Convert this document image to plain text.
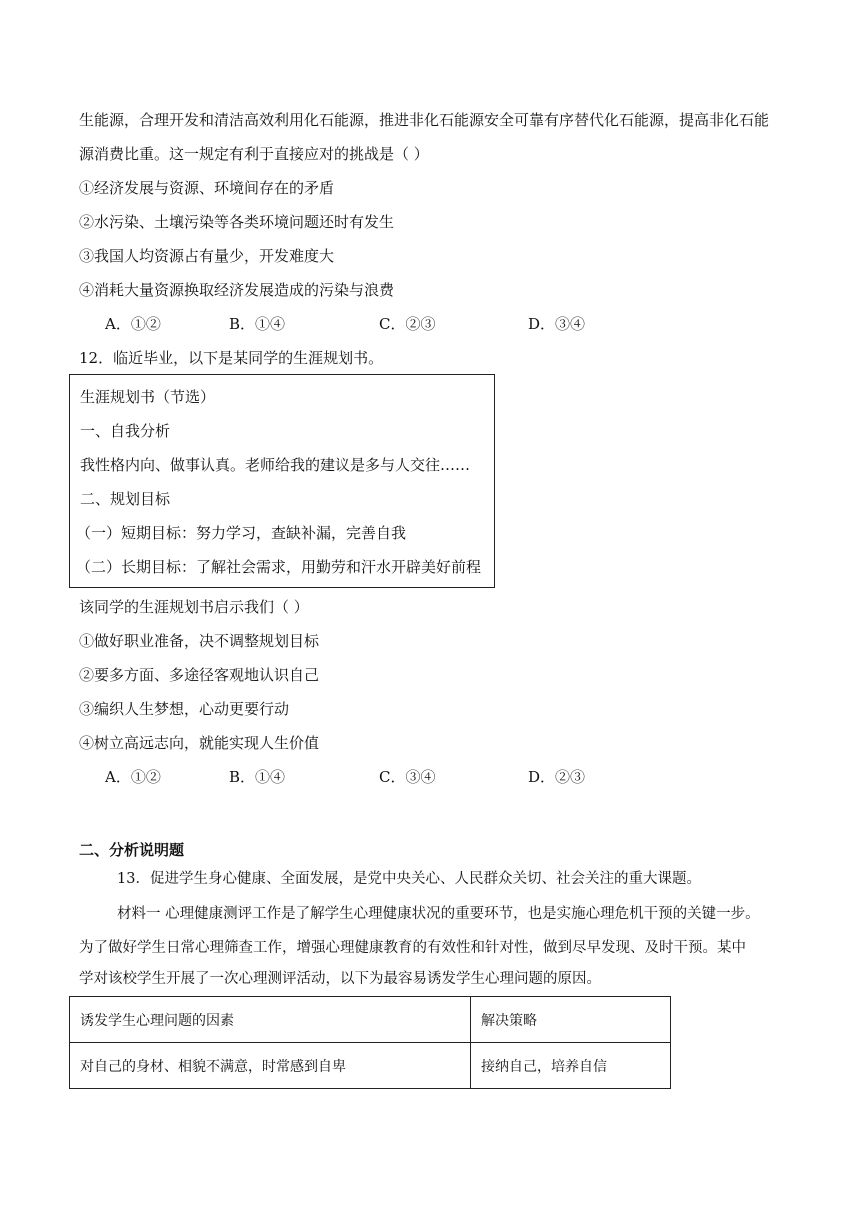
生能源，合理开发和清洁高效利用化石能源，推进非化石能源安全可靠有序替代化石能源，提高非化石能
源消费比重。这一规定有利于直接应对的挑战是（ ）
①经济发展与资源、环境间存在的矛盾
②水污染、土壤污染等各类环境问题还时有发生
③我国人均资源占有量少，开发难度大
④消耗大量资源换取经济发展造成的污染与浪费
A．①②	B．①④	C．②③	D．③④
12．临近毕业，以下是某同学的生涯规划书。
生涯规划书（节选）
一、自我分析
我性格内向、做事认真。老师给我的建议是多与人交往……
二、规划目标
（一）短期目标：努力学习，查缺补漏，完善自我
（二）长期目标：了解社会需求，用勤劳和汗水开辟美好前程
该同学的生涯规划书启示我们（ ）
①做好职业准备，决不调整规划目标
②要多方面、多途径客观地认识自己
③编织人生梦想，心动更要行动
④树立高远志向，就能实现人生价值
A．①②	B．①④	C．③④	D．②③
二、分析说明题
13．促进学生身心健康、全面发展，是党中央关心、人民群众关切、社会关注的重大课题。
材料一 心理健康测评工作是了解学生心理健康状况的重要环节，也是实施心理危机干预的关键一步。
为了做好学生日常心理筛查工作，增强心理健康教育的有效性和针对性，做到尽早发现、及时干预。某中
学对该校学生开展了一次心理测评活动，以下为最容易诱发学生心理问题的原因。
诱发学生心理问题的因素	解决策略
对自己的身材、相貌不满意，时常感到自卑	接纳自己，培养自信
